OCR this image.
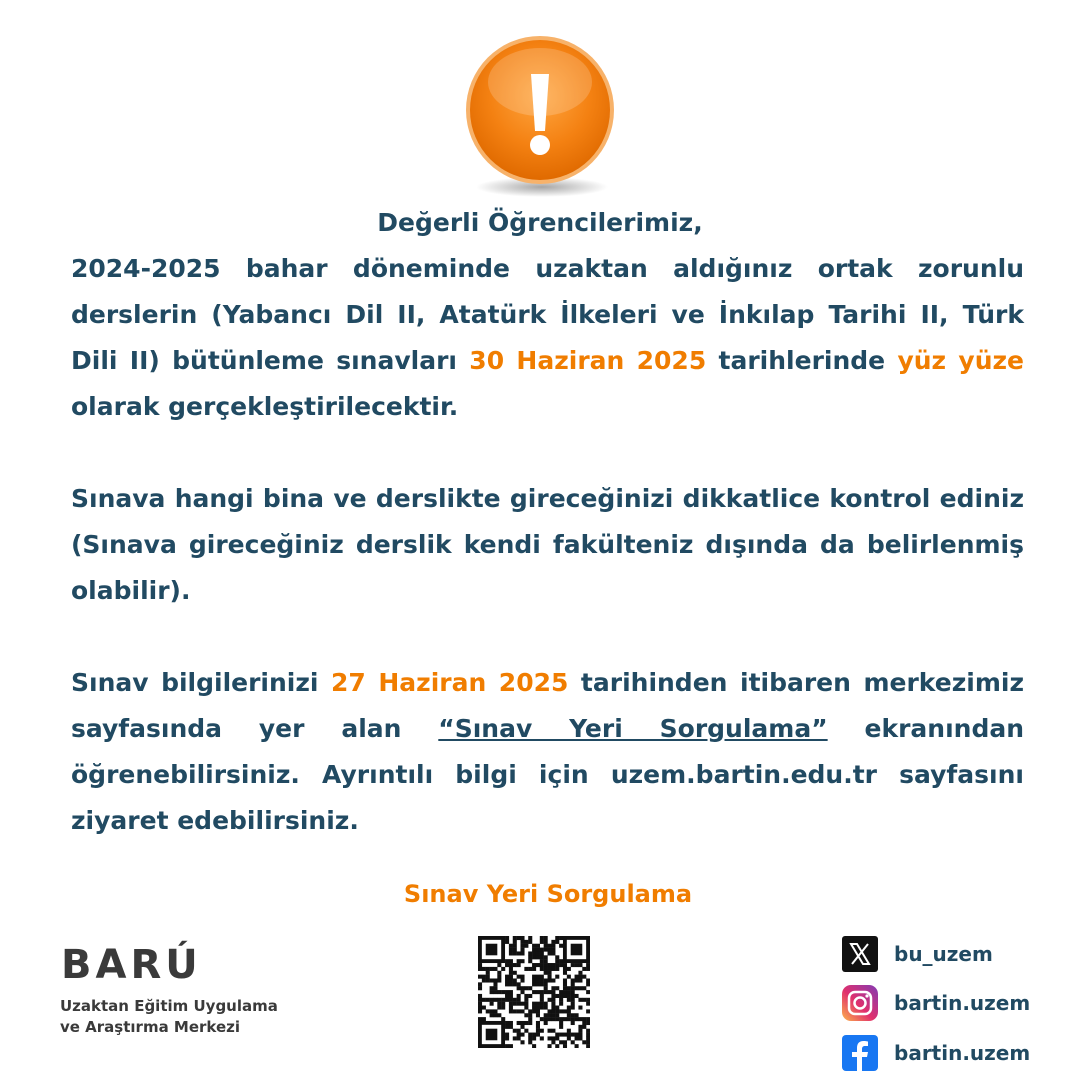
Değerli Öğrencilerimiz,
2024-2025 bahar döneminde uzaktan aldığınız ortak zorunlu derslerin (Yabancı Dil II, Atatürk İlkeleri ve İnkılap Tarihi II, Türk Dili II) bütünleme sınavları 30 Haziran 2025 tarihlerinde yüz yüze olarak gerçekleştirilecektir.
Sınava hangi bina ve derslikte gireceğinizi dikkatlice kontrol ediniz (Sınava gireceğiniz derslik kendi fakülteniz dışında da belirlenmiş olabilir).
Sınav bilgilerinizi 27 Haziran 2025 tarihinden itibaren merkezimiz sayfasında yer alan “Sınav Yeri Sorgulama” ekranından öğrenebilirsiniz. Ayrıntılı bilgi için uzem.bartin.edu.tr sayfasını ziyaret edebilirsiniz.
Sınav Yeri Sorgulama
BARÚ
Uzaktan Eğitim Uygulama
ve Araştırma Merkezi
bu_uzem
bartin.uzem
bartin.uzem
